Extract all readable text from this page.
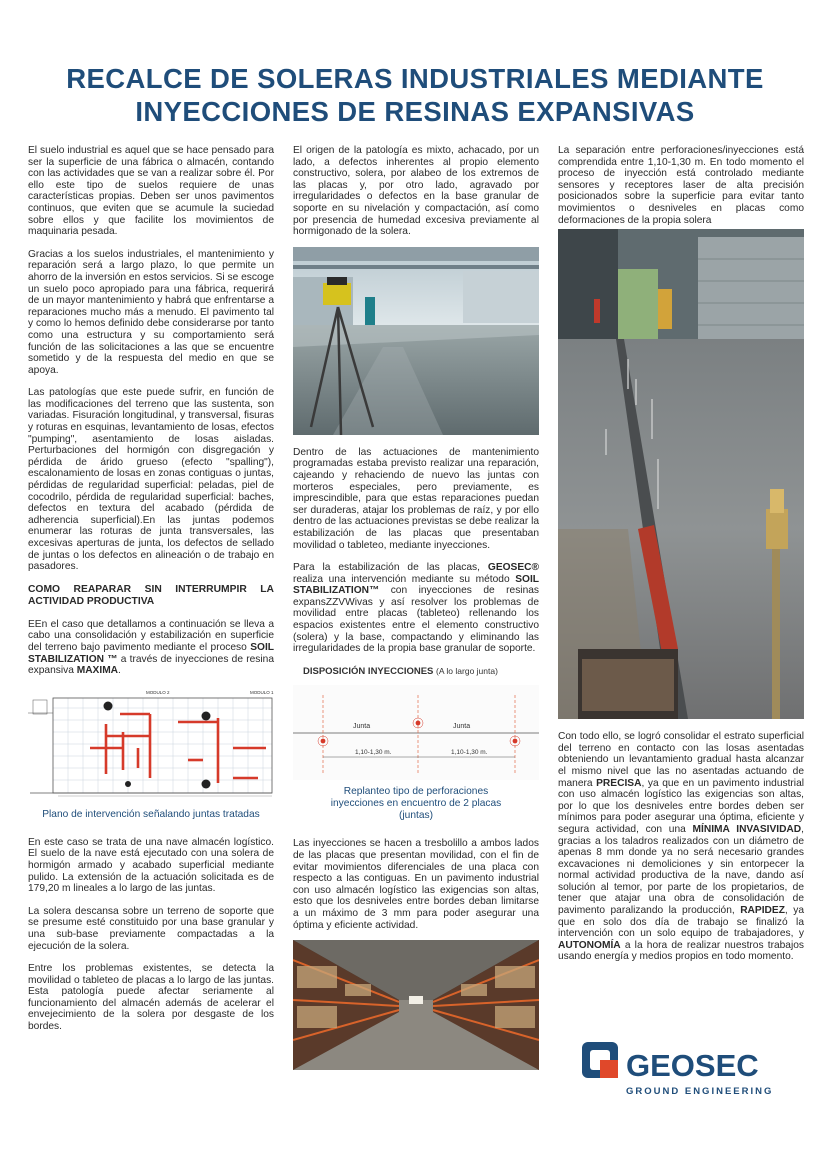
RECALCE DE SOLERAS INDUSTRIALES MEDIANTE
INYECCIONES DE RESINAS EXPANSIVAS

El suelo industrial es aquel que se hace pensado para ser la superficie de una fábrica o almacén, contando con las actividades que se van a realizar sobre él. Por ello este tipo de suelos requiere de unas características propias. Deben ser unos pavimentos continuos, que eviten que se acumule la suciedad sobre ellos y que facilite los movimientos de maquinaria pesada.

Gracias a los suelos industriales, el mantenimiento y reparación será a largo plazo, lo que permite un ahorro de la inversión en estos servicios. Si se escoge un suelo poco apropiado para una fábrica, requerirá de un mayor mantenimiento y habrá que enfrentarse a reparaciones mucho más a menudo. El pavimento tal y como lo hemos definido debe considerarse por tanto como una estructura y su comportamiento será función de las solicitaciones a las que se encuentre sometido y de la respuesta del medio en que se apoya.

Las patologías que este puede sufrir, en función de las modificaciones del terreno que las sustenta, son variadas. Fisuración longitudinal, y transversal, fisuras y roturas en esquinas, levantamiento de losas, efectos "pumping", asentamiento de losas aisladas. Perturbaciones del hormigón con disgregación y pérdida de árido grueso (efecto "spalling"), escalonamiento de losas en zonas contiguas o juntas, pérdidas de regularidad superficial: peladas, piel de cocodrilo, pérdida de regularidad superficial: baches, defectos en textura del acabado (pérdida de adherencia superficial).En las juntas podemos enumerar las roturas de junta transversales, las excesivas aperturas de junta, los defectos de sellado de juntas o los defectos en alineación o de trabajo en pasadores.

COMO REAPARAR SIN INTERRUMPIR LA ACTIVIDAD PRODUCTIVA

EEn el caso que detallamos a continuación se lleva a cabo una consolidación y estabilización en superficie del terreno bajo pavimento mediante el proceso SOIL STABILIZATION ™ a través de inyecciones de resina expansiva MAXIMA.

MODULO 2	MODULO 1
Plano de intervención señalando juntas tratadas

En este caso se trata de una nave almacén logístico. El suelo de la nave está ejecutado con una solera de hormigón armado y acabado superficial mediante pulido. La extensión de la actuación solicitada es de 179,20 m lineales a lo largo de las juntas.

La solera descansa sobre un terreno de soporte que se presume esté constituido por una base granular y una sub-base previamente compactadas a la ejecución de la solera.

Entre los problemas existentes, se detecta la movilidad o tableteo de placas a lo largo de las juntas. Esta patología puede afectar seriamente al funcionamiento del almacén además de acelerar el envejecimiento de la solera por desgaste de los bordes.

El origen de la patología es mixto, achacado, por un lado, a defectos inherentes al propio elemento constructivo, solera, por alabeo de los extremos de las placas y, por otro lado, agravado por irregularidades o defectos en la base granular de soporte en su nivelación y compactación, así como por presencia de humedad excesiva previamente al hormigonado de la solera.

Dentro de las actuaciones de mantenimiento programadas estaba previsto realizar una reparación, cajeando y rehaciendo de nuevo las juntas con morteros especiales, pero previamente, es imprescindible, para que estas reparaciones puedan ser duraderas, atajar los problemas de raíz, y por ello dentro de las actuaciones previstas se debe realizar la estabilización de las placas que presentaban movilidad o tableteo, mediante inyecciones.

Para la estabilización de las placas, GEOSEC® realiza una intervención mediante su método SOIL STABILIZATION™ con inyecciones de resinas expansZZVWivas y así resolver los problemas de movilidad entre placas (tableteo) rellenando los espacios existentes entre el elemento constructivo (solera) y la base, compactando y eliminando las irregularidades de la propia base granular de soporte.

DISPOSICIÓN INYECCIONES (A lo largo junta)
Junta	Junta
1,10-1,30 m.	1,10-1,30 m.
Replanteo tipo de perforaciones inyecciones en encuentro de 2 placas (juntas)

Las inyecciones se hacen a tresbolillo a ambos lados de las placas que presentan movilidad, con el fin de evitar movimientos diferenciales de una placa con respecto a las contiguas. En un pavimento industrial con uso almacén logístico las exigencias son altas, esto que los desniveles entre bordes deban limitarse a un máximo de 3 mm para poder asegurar una óptima y eficiente actividad.

La separación entre perforaciones/inyecciones está comprendida entre 1,10-1,30 m. En todo momento el proceso de inyección está controlado mediante sensores y receptores laser de alta precisión posicionados sobre la superficie para evitar tanto movimientos o desniveles en placas como deformaciones de la propia solera

Con todo ello, se logró consolidar el estrato superficial del terreno en contacto con las losas asentadas obteniendo un levantamiento gradual hasta alcanzar el mismo nivel que las no asentadas actuando de manera PRECISA, ya que en un pavimento industrial con uso almacén logístico las exigencias son altas, por lo que los desniveles entre bordes deben ser mínimos para poder asegurar una óptima, eficiente y segura actividad, con una MÍNIMA INVASIVIDAD, gracias a los taladros realizados con un diámetro de apenas 8 mm donde ya no será necesario grandes excavaciones ni demoliciones y sin entorpecer la normal actividad productiva de la nave, dando así solución al temor, por parte de los propietarios, de tener que atajar una obra de consolidación de pavimento paralizando la producción, RAPIDEZ, ya que en solo dos día de trabajo se finalizó la intervención con un solo equipo de trabajadores, y AUTONOMÍA a la hora de realizar nuestros trabajos usando energía y medios propios en todo momento.

GEOSEC
GROUND ENGINEERING
